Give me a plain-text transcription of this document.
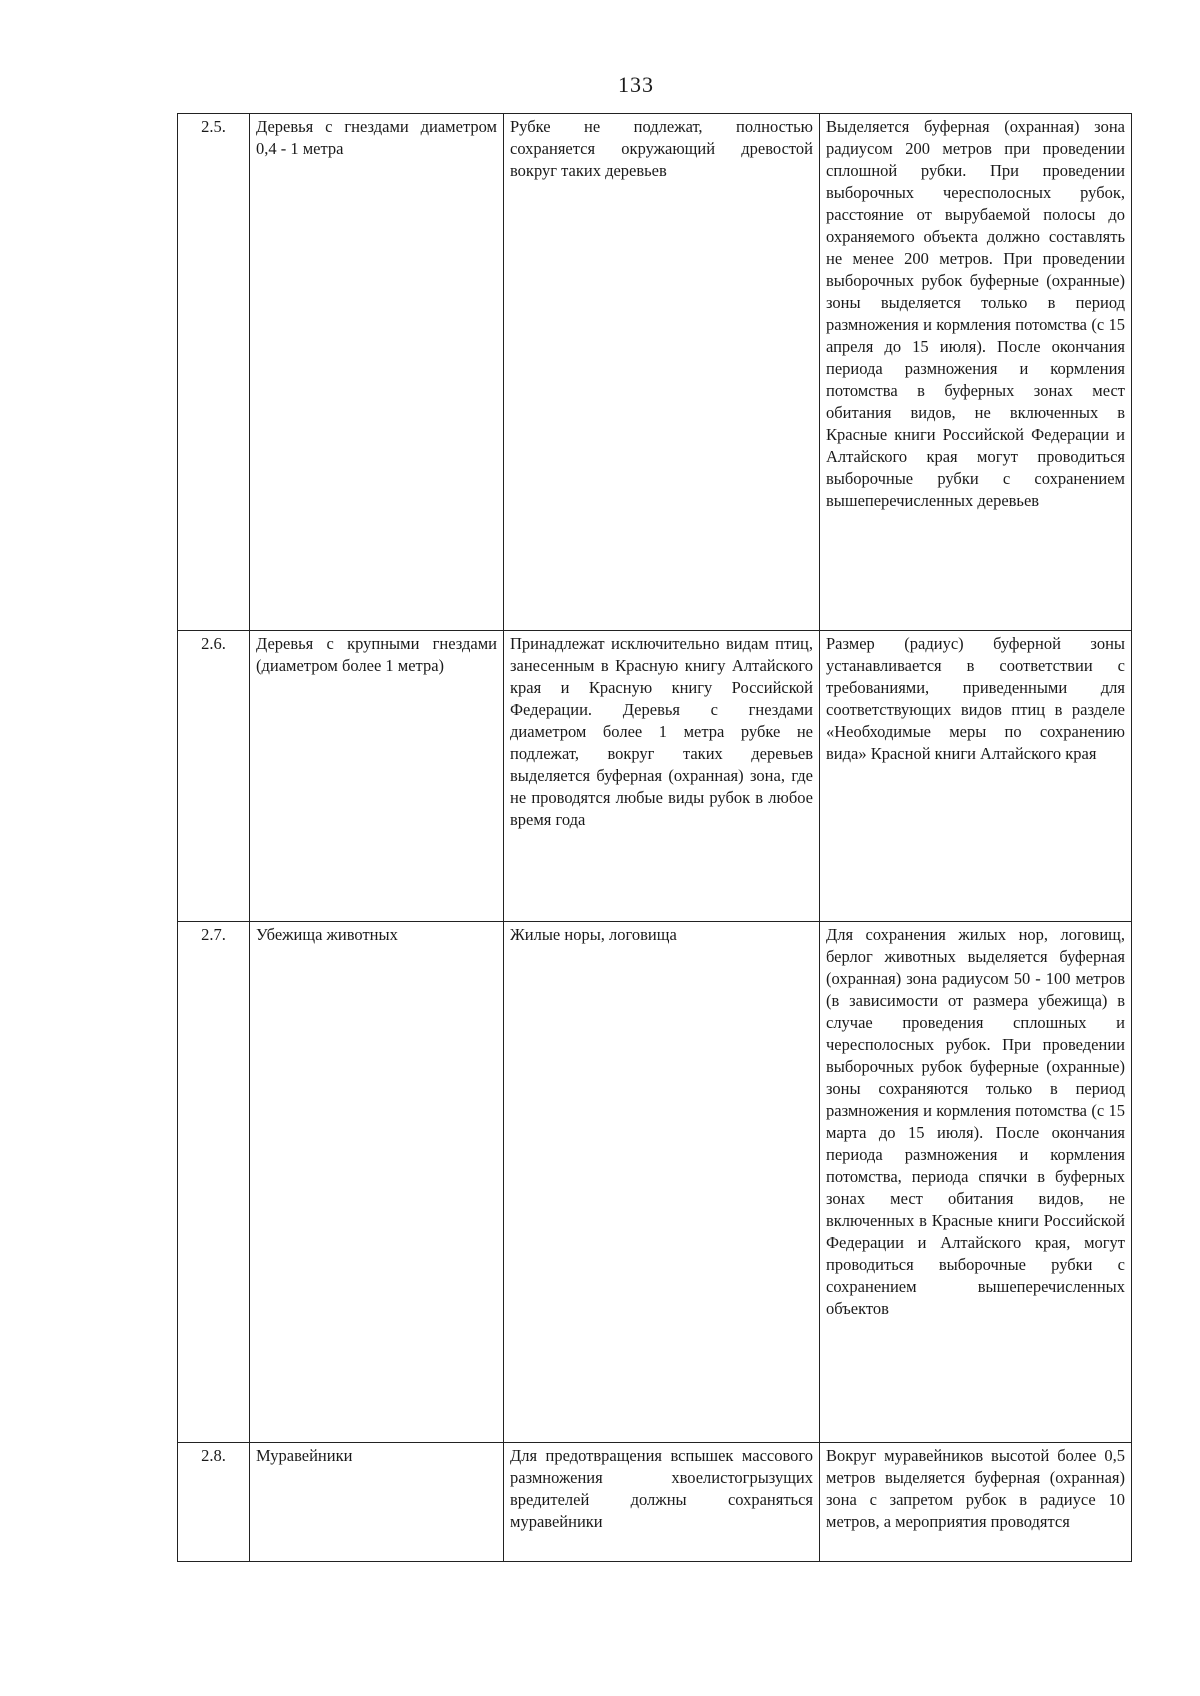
133
2.5.	Деревья с гнездами диаметром 0,4 - 1 метра	Рубке не подлежат, полностью сохраняется окружающий древостой вокруг таких деревьев	Выделяется буферная (охранная) зона радиусом 200 метров при проведении сплошной рубки. При проведении выборочных чересполосных рубок, расстояние от вырубаемой полосы до охраняемого объекта должно составлять не менее 200 метров. При проведении выборочных рубок буферные (охранные) зоны выделяется только в период размножения и кормления потомства (с 15 апреля до 15 июля). После окончания периода размножения и кормления потомства в буферных зонах мест обитания видов, не включенных в Красные книги Российской Федерации и Алтайского края могут проводиться выборочные рубки с сохранением вышеперечисленных деревьев
2.6.	Деревья с крупными гнездами (диаметром более 1 метра)	Принадлежат исключительно видам птиц, занесенным в Красную книгу Алтайского края и Красную книгу Российской Федерации. Деревья с гнездами диаметром более 1 метра рубке не подлежат, вокруг таких деревьев выделяется буферная (охранная) зона, где не проводятся любые виды рубок в любое время года	Размер (радиус) буферной зоны устанавливается в соответствии с требованиями, приведенными для соответствующих видов птиц в разделе «Необходимые меры по сохранению вида» Красной книги Алтайского края
2.7.	Убежища животных	Жилые норы, логовища	Для сохранения жилых нор, логовищ, берлог животных выделяется буферная (охранная) зона радиусом 50 - 100 метров (в зависимости от размера убежища) в случае проведения сплошных и чересполосных рубок. При проведении выборочных рубок буферные (охранные) зоны сохраняются только в период размножения и кормления потомства (с 15 марта до 15 июля). После окончания периода размножения и кормления потомства, периода спячки в буферных зонах мест обитания видов, не включенных в Красные книги Российской Федерации и Алтайского края, могут проводиться выборочные рубки с сохранением вышеперечисленных объектов
2.8.	Муравейники	Для предотвращения вспышек массового размножения хвоелистогрызущих вредителей должны сохраняться муравейники	Вокруг муравейников высотой более 0,5 метров выделяется буферная (охранная) зона с запретом рубок в радиусе 10 метров, а мероприятия проводятся
